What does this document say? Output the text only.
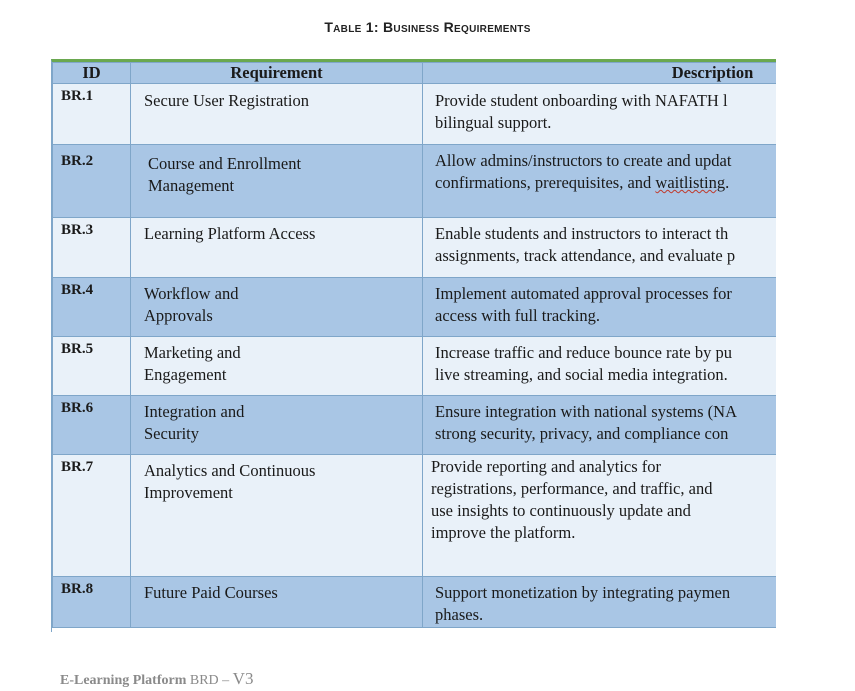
Table 1: Business Requirements
ID	Requirement	Description
BR.1	Secure User Registration	Provide student onboarding with NAFATH l
bilingual support.
BR.2	Course and Enrollment
Management	Allow admins/instructors to create and updat
confirmations, prerequisites, and waitlisting.
BR.3	Learning Platform Access	Enable students and instructors to interact th
assignments, track attendance, and evaluate p
BR.4	Workflow and
Approvals	Implement automated approval processes for
access with full tracking.
BR.5	Marketing and
Engagement	Increase traffic and reduce bounce rate by pu
live streaming, and social media integration.
BR.6	Integration and
Security	Ensure integration with national systems (NA
strong security, privacy, and compliance con
BR.7	Analytics and Continuous
Improvement	Provide reporting and analytics for
registrations, performance, and traffic, and
use insights to continuously update and
improve the platform.
BR.8	Future Paid Courses	Support monetization by integrating paymen
phases.
E-Learning Platform BRD – V3
